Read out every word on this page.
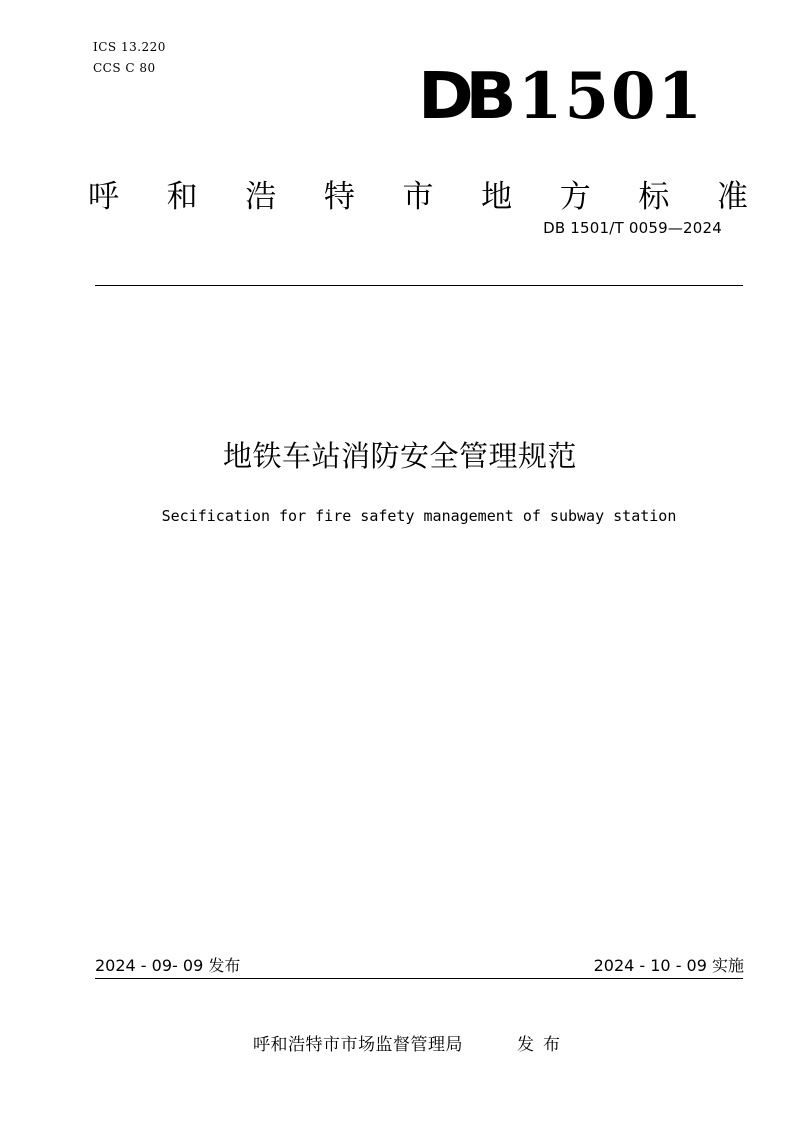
ICS 13.220
CCS C 80	DB 1501
呼 和 浩 特 市 地 方 标 准
DB 1501/T 0059—2024
地铁车站消防安全管理规范
Secification for fire safety management of subway station
2024 - 09- 09 发布	2024 - 10 - 09 实施
呼和浩特市市场监督管理局	发布
